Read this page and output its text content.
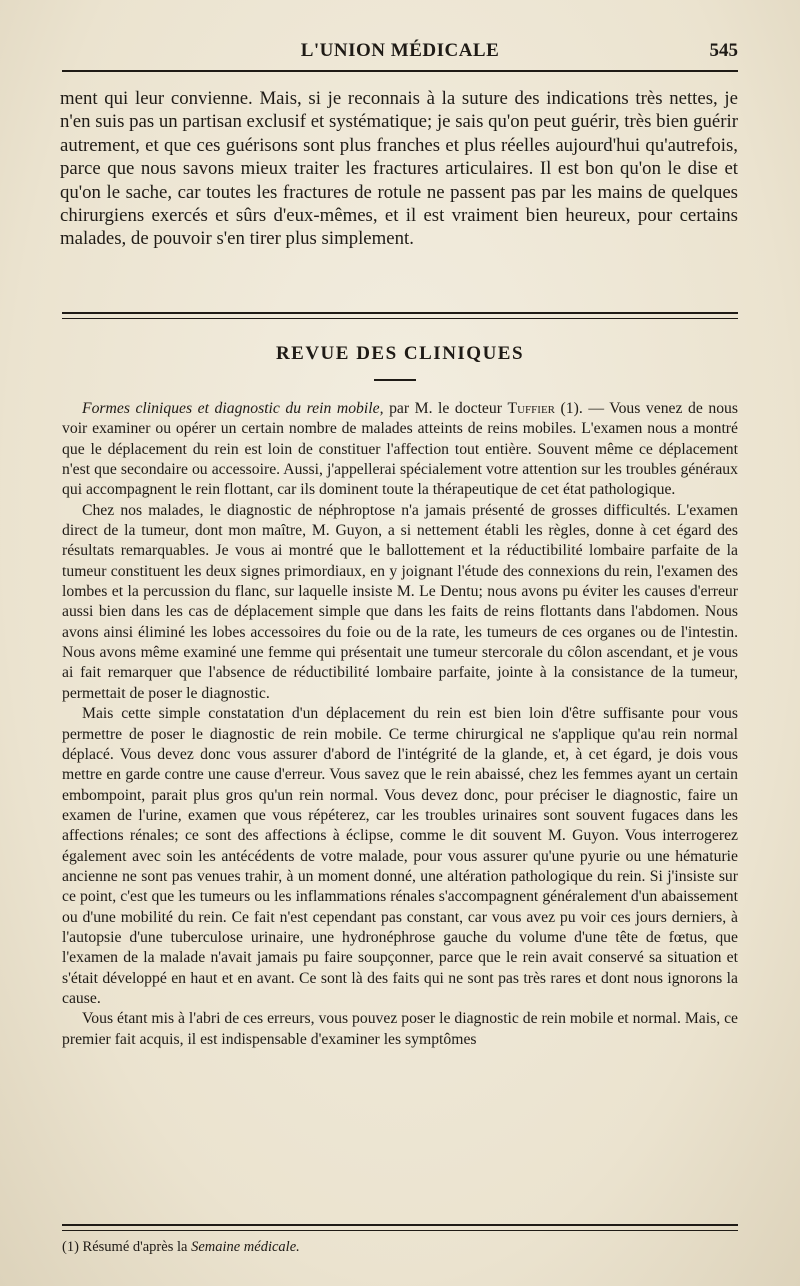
L'UNION MÉDICALE	545

ment qui leur convienne. Mais, si je reconnais à la suture des indications très nettes, je n'en suis pas un partisan exclusif et systématique; je sais qu'on peut guérir, très bien guérir autrement, et que ces guérisons sont plus franches et plus réelles aujourd'hui qu'autrefois, parce que nous savons mieux traiter les fractures articulaires. Il est bon qu'on le dise et qu'on le sache, car toutes les fractures de rotule ne passent pas par les mains de quelques chirurgiens exercés et sûrs d'eux-mêmes, et il est vraiment bien heureux, pour certains malades, de pouvoir s'en tirer plus simplement.

REVUE DES CLINIQUES

Formes cliniques et diagnostic du rein mobile, par M. le docteur Tuffier (1). — Vous venez de nous voir examiner ou opérer un certain nombre de malades atteints de reins mobiles. L'examen nous a montré que le déplacement du rein est loin de constituer l'affection tout entière. Souvent même ce déplacement n'est que secondaire ou accessoire. Aussi, j'appellerai spécialement votre attention sur les troubles généraux qui accompagnent le rein flottant, car ils dominent toute la thérapeutique de cet état pathologique.

Chez nos malades, le diagnostic de néphroptose n'a jamais présenté de grosses difficultés. L'examen direct de la tumeur, dont mon maître, M. Guyon, a si nettement établi les règles, donne à cet égard des résultats remarquables. Je vous ai montré que le ballottement et la réductibilité lombaire parfaite de la tumeur constituent les deux signes primordiaux, en y joignant l'étude des connexions du rein, l'examen des lombes et la percussion du flanc, sur laquelle insiste M. Le Dentu; nous avons pu éviter les causes d'erreur aussi bien dans les cas de déplacement simple que dans les faits de reins flottants dans l'abdomen. Nous avons ainsi éliminé les lobes accessoires du foie ou de la rate, les tumeurs de ces organes ou de l'intestin. Nous avons même examiné une femme qui présentait une tumeur stercorale du côlon ascendant, et je vous ai fait remarquer que l'absence de réductibilité lombaire parfaite, jointe à la consistance de la tumeur, permettait de poser le diagnostic.

Mais cette simple constatation d'un déplacement du rein est bien loin d'être suffisante pour vous permettre de poser le diagnostic de rein mobile. Ce terme chirurgical ne s'applique qu'au rein normal déplacé. Vous devez donc vous assurer d'abord de l'intégrité de la glande, et, à cet égard, je dois vous mettre en garde contre une cause d'erreur. Vous savez que le rein abaissé, chez les femmes ayant un certain embompoint, parait plus gros qu'un rein normal. Vous devez donc, pour préciser le diagnostic, faire un examen de l'urine, examen que vous répéterez, car les troubles urinaires sont souvent fugaces dans les affections rénales; ce sont des affections à éclipse, comme le dit souvent M. Guyon. Vous interrogerez également avec soin les antécédents de votre malade, pour vous assurer qu'une pyurie ou une hématurie ancienne ne sont pas venues trahir, à un moment donné, une altération pathologique du rein. Si j'insiste sur ce point, c'est que les tumeurs ou les inflammations rénales s'accompagnent généralement d'un abaissement ou d'une mobilité du rein. Ce fait n'est cependant pas constant, car vous avez pu voir ces jours derniers, à l'autopsie d'une tuberculose urinaire, une hydronéphrose gauche du volume d'une tête de fœtus, que l'examen de la malade n'avait jamais pu faire soupçonner, parce que le rein avait conservé sa situation et s'était développé en haut et en avant. Ce sont là des faits qui ne sont pas très rares et dont nous ignorons la cause.

Vous étant mis à l'abri de ces erreurs, vous pouvez poser le diagnostic de rein mobile et normal. Mais, ce premier fait acquis, il est indispensable d'examiner les symptômes

(1) Résumé d'après la Semaine médicale.
